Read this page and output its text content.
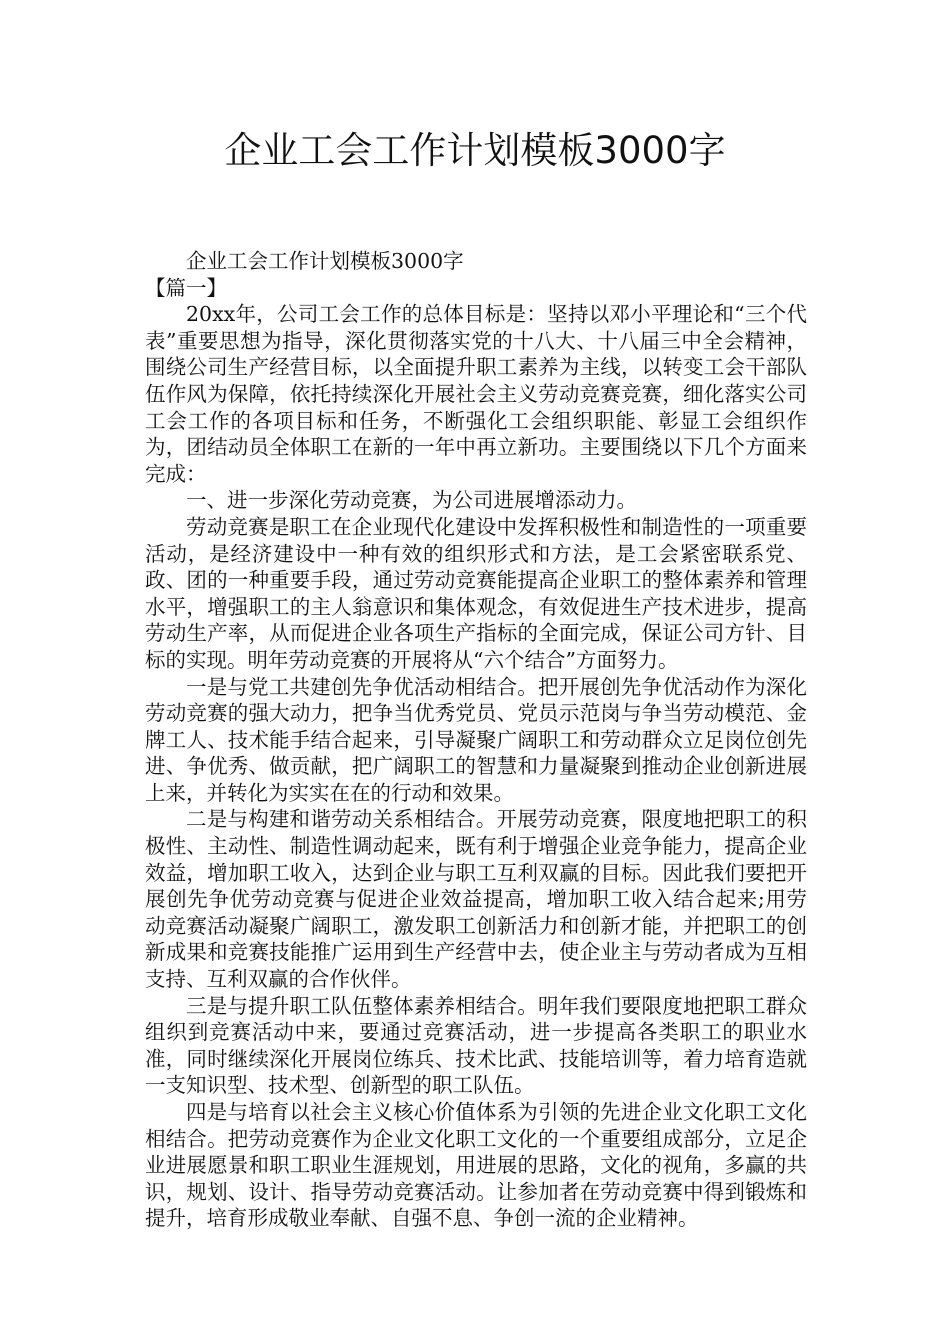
企业工会工作计划模板3000字

企业工会工作计划模板3000字

【篇一】

20xx年，公司工会工作的总体目标是：坚持以邓小平理论和“三个代表”重要思想为指导，深化贯彻落实党的十八大、十八届三中全会精神，围绕公司生产经营目标，以全面提升职工素养为主线，以转变工会干部队伍作风为保障，依托持续深化开展社会主义劳动竞赛竞赛，细化落实公司工会工作的各项目标和任务，不断强化工会组织职能、彰显工会组织作为，团结动员全体职工在新的一年中再立新功。主要围绕以下几个方面来完成：

一、进一步深化劳动竞赛，为公司进展增添动力。

劳动竞赛是职工在企业现代化建设中发挥积极性和制造性的一项重要活动，是经济建设中一种有效的组织形式和方法，是工会紧密联系党、政、团的一种重要手段，通过劳动竞赛能提高企业职工的整体素养和管理水平，增强职工的主人翁意识和集体观念，有效促进生产技术进步，提高劳动生产率，从而促进企业各项生产指标的全面完成，保证公司方针、目标的实现。明年劳动竞赛的开展将从“六个结合”方面努力。

一是与党工共建创先争优活动相结合。把开展创先争优活动作为深化劳动竞赛的强大动力，把争当优秀党员、党员示范岗与争当劳动模范、金牌工人、技术能手结合起来，引导凝聚广阔职工和劳动群众立足岗位创先进、争优秀、做贡献，把广阔职工的智慧和力量凝聚到推动企业创新进展上来，并转化为实实在在的行动和效果。

二是与构建和谐劳动关系相结合。开展劳动竞赛，限度地把职工的积极性、主动性、制造性调动起来，既有利于增强企业竞争能力，提高企业效益，增加职工收入，达到企业与职工互利双赢的目标。因此我们要把开展创先争优劳动竞赛与促进企业效益提高，增加职工收入结合起来;用劳动竞赛活动凝聚广阔职工，激发职工创新活力和创新才能，并把职工的创新成果和竞赛技能推广运用到生产经营中去，使企业主与劳动者成为互相支持、互利双赢的合作伙伴。

三是与提升职工队伍整体素养相结合。明年我们要限度地把职工群众组织到竞赛活动中来，要通过竞赛活动，进一步提高各类职工的职业水准，同时继续深化开展岗位练兵、技术比武、技能培训等，着力培育造就一支知识型、技术型、创新型的职工队伍。

四是与培育以社会主义核心价值体系为引领的先进企业文化职工文化相结合。把劳动竞赛作为企业文化职工文化的一个重要组成部分，立足企业进展愿景和职工职业生涯规划，用进展的思路，文化的视角，多赢的共识，规划、设计、指导劳动竞赛活动。让参加者在劳动竞赛中得到锻炼和提升，培育形成敬业奉献、自强不息、争创一流的企业精神。
